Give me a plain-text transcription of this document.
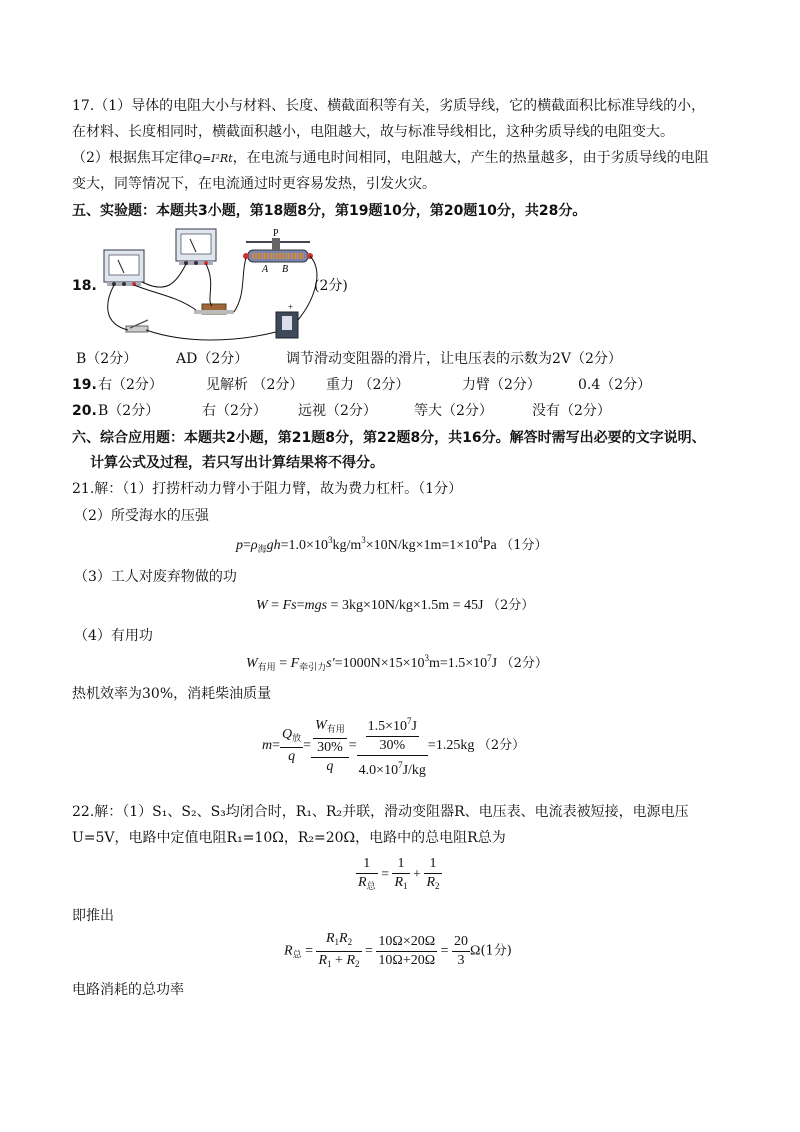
17.（1）导体的电阻大小与材料、长度、横截面积等有关，劣质导线，它的横截面积比标准导线的小，
在材料、长度相同时，横截面积越小，电阻越大，故与标准导线相比，这种劣质导线的电阻变大。
（2）根据焦耳定律Q=I²Rt，在电流与通电时间相同，电阻越大，产生的热量越多，由于劣质导线的电阻
变大，同等情况下，在电流通过时更容易发热，引发火灾。
五、实验题：本题共3小题，第18题8分，第19题10分，第20题10分，共28分。
18.
P
A B
+
(2分)
B（2分）	AD（2分）	调节滑动变阻器的滑片，让电压表的示数为2V（2分）
19. 右（2分）	见解析 （2分） 重力 （2分）	力臂（2分）	0.4（2分）
20. B（2分）	右（2分） 远视（2分）	等大（2分）	没有（2分）
六、综合应用题：本题共2小题，第21题8分，第22题8分，共16分。解答时需写出必要的文字说明、
计算公式及过程，若只写出计算结果将不得分。
21.解：（1）打捞杆动力臂小于阻力臂，故为费力杠杆。（1分）
（2）所受海水的压强
$p=\rho_海gh=1.0\times 10^3kg/m^3\times 10N/kg\times 1m=1\times 10^4Pa$ （1分）
（3）工人对废弃物做的功
W = Fs=mgs = 3kg×10N/kg×1.5m = 45J （2分）
（4）有用功
$W_{有用} = F_{牵引力}s'=1000N\times 15\times 10^3m=1.5\times 10^7J$ （2分）
热机效率为30%，消耗柴油质量
$m= \frac{Q_放}{q} = \frac{\frac{W_{有用}}{30\%}}{q} = \frac{\frac{1.5\times 10^7J}{30\%}}{4.0\times 10^7J/kg} =1.25kg$ （2分）
22.解：（1）S₁、S₂、S₃均闭合时，R₁、R₂并联，滑动变阻器R、电压表、电流表被短接，电源电压
U=5V，电路中定值电阻R₁=10Ω，R₂=20Ω，电路中的总电阻R总为
$\frac{1}{R_总} = \frac{1}{R_1} + \frac{1}{R_2}$
即推出
$R_总 = \frac{R_1R_2}{R_1 + R_2} = \frac{10\Omega\times 20\Omega}{10\Omega+20\Omega} = \frac{20}{3} \Omega(1$分)
电路消耗的总功率
